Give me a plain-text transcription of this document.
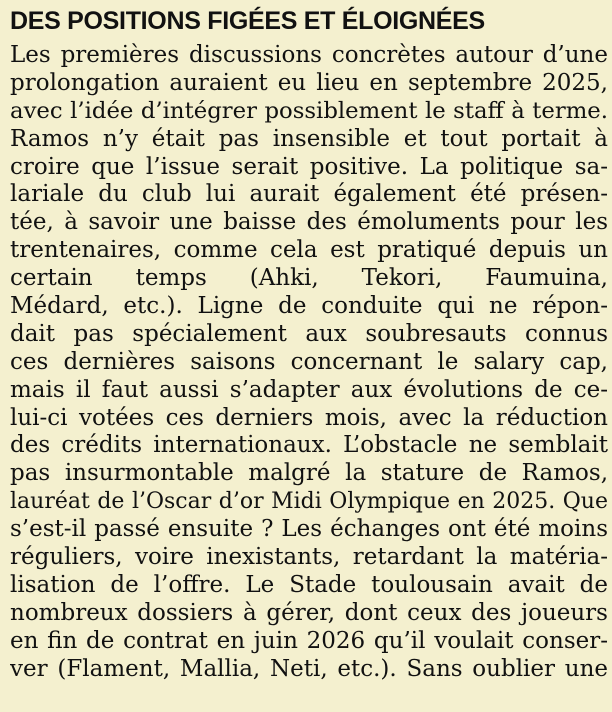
DES POSITIONS FIGÉES ET ÉLOIGNÉES
Les premières discussions concrètes autour d’une
prolongation auraient eu lieu en septembre 2025,
avec l’idée d’intégrer possiblement le staff à terme.
Ramos n’y était pas insensible et tout portait à
croire que l’issue serait positive. La politique sa-
lariale du club lui aurait également été présen-
tée, à savoir une baisse des émoluments pour les
trentenaires, comme cela est pratiqué depuis un
certain temps (Ahki, Tekori, Faumuina,
Médard, etc.). Ligne de conduite qui ne répon-
dait pas spécialement aux soubresauts connus
ces dernières saisons concernant le salary cap,
mais il faut aussi s’adapter aux évolutions de ce-
lui-ci votées ces derniers mois, avec la réduction
des crédits internationaux. L’obstacle ne semblait
pas insurmontable malgré la stature de Ramos,
lauréat de l’Oscar d’or Midi Olympique en 2025. Que
s’est-il passé ensuite ? Les échanges ont été moins
réguliers, voire inexistants, retardant la matéria-
lisation de l’offre. Le Stade toulousain avait de
nombreux dossiers à gérer, dont ceux des joueurs
en fin de contrat en juin 2026 qu’il voulait conser-
ver (Flament, Mallia, Neti, etc.). Sans oublier une
